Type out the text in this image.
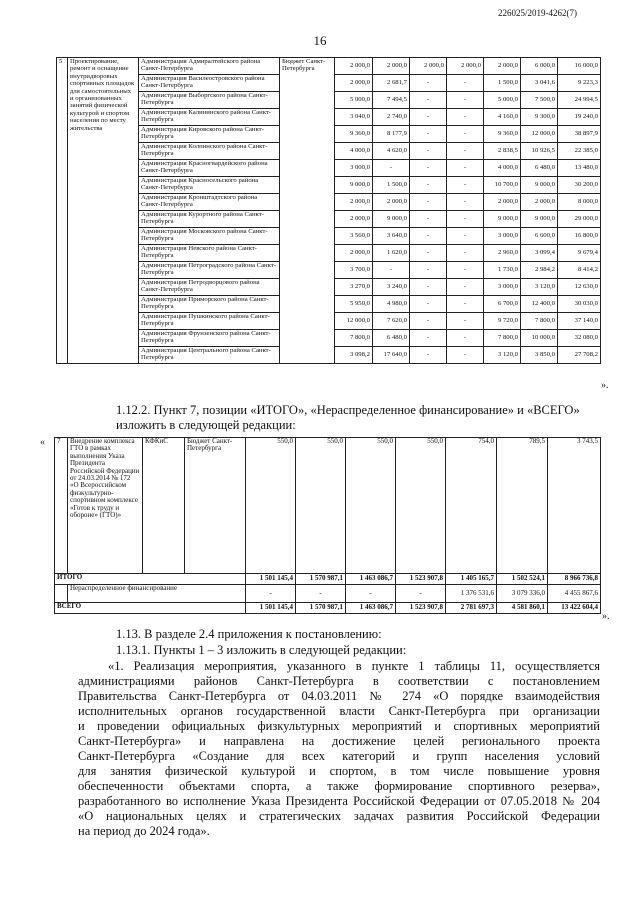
226025/2019-4262(7)
16
5	Проектирование, ремонт и оснащение внутридворовых спортивных площадок для самостоятельных и организованных занятий физической культурой и спортом населения по месту жительства	Администрация Адмиралтейского района Санкт-Петербурга	Бюджет Санкт-Петербурга	2 000,0	2 000,0	2 000,0	2 000,0	2 000,0	6 000,0	16 000,0
		Администрация Василеостровского района Санкт-Петербурга		2 000,0	2 681,7	-	-	1 500,0	3 041,6	9 223,3
		Администрация Выборгского района Санкт-Петербурга		5 000,0	7 494,5	-	-	5 000,0	7 500,0	24 994,5
		Администрация Калининского района Санкт-Петербурга		3 040,0	2 740,0	-	-	4 160,0	9 300,0	19 240,0
		Администрация Кировского района Санкт-Петербурга		9 360,0	8 177,9	-	-	9 360,0	12 000,0	38 897,9
		Администрация Колпинского района Санкт-Петербурга		4 000,0	4 620,0	-	-	2 838,5	10 926,5	22 385,0
		Администрация Красногвардейского района Санкт-Петербурга		3 000,0	-	-	-	4 000,0	6 480,0	13 480,0
		Администрация Красносельского района Санкт-Петербурга		9 000,0	1 500,0	-	-	10 700,0	9 000,0	30 200,0
		Администрация Кронштадтского района Санкт-Петербурга		2 000,0	2 000,0	-	-	2 000,0	2 000,0	8 000,0
		Администрация Курортного района Санкт-Петербурга		2 000,0	9 000,0	-	-	9 000,0	9 000,0	29 000,0
		Администрация Московского района Санкт-Петербурга		3 560,0	3 640,0	-	-	3 000,0	6 600,0	16 800,0
		Администрация Невского района Санкт-Петербурга		2 000,0	1 620,0	-	-	2 960,0	3 099,4	9 679,4
		Администрация Петроградского района Санкт-Петербурга		3 700,0	-	-	-	1 730,0	2 984,2	8 414,2
		Администрация Петродворцового района Санкт-Петербурга		3 270,0	3 240,0	-	-	3 000,0	3 120,0	12 630,0
		Администрация Приморского района Санкт-Петербурга		5 950,0	4 980,0	-	-	6 700,0	12 400,0	30 030,0
		Администрация Пушкинского района Санкт-Петербурга		12 000,0	7 620,0	-	-	9 720,0	7 800,0	37 140,0
		Администрация Фрунзенского района Санкт-Петербурга		7 800,0	6 480,0	-	-	7 800,0	10 000,0	32 080,0
		Администрация Центрального района Санкт-Петербурга		3 098,2	17 640,0	-	-	3 120,0	3 850,0	27 708,2
».
1.12.2. Пункт 7, позиции «ИТОГО», «Нераспределенное финансирование» и «ВСЕГО» изложить в следующей редакции:
« 7	Внедрение комплекса ГТО в рамках выполнения Указа Президента Российской Федерации от 24.03.2014 № 172 «О Всероссийском физкультурно-спортивном комплексе «Готов к труду и обороне» (ГТО)»	КФКиС	Бюджет Санкт-Петербурга	550,0	550,0	550,0	550,0	754,0	789,5	3 743,5
ИТОГО				1 501 145,4	1 570 987,1	1 463 086,7	1 523 907,8	1 405 165,7	1 502 524,1	8 966 736,8
	Нераспределенное финансирование			-	-	-	-	1 376 531,6	3 079 336,0	4 455 867,6
ВСЕГО				1 501 145,4	1 570 987,1	1 463 086,7	1 523 907,8	2 781 697,3	4 581 860,1	13 422 604,4
».
1.13. В разделе 2.4 приложения к постановлению:
1.13.1. Пункты 1 – 3 изложить в следующей редакции:
«1. Реализация мероприятия, указанного в пункте 1 таблицы 11, осуществляется
администрациями районов Санкт-Петербурга в соответствии с постановлением
Правительства Санкт-Петербурга от 04.03.2011 № 274 «О порядке взаимодействия
исполнительных органов государственной власти Санкт-Петербурга при организации
и проведении официальных физкультурных мероприятий и спортивных мероприятий
Санкт-Петербурга» и направлена на достижение целей регионального проекта
Санкт-Петербурга «Создание для всех категорий и групп населения условий
для занятия физической культурой и спортом, в том числе повышение уровня
обеспеченности объектами спорта, а также формирование спортивного резерва»,
разработанного во исполнение Указа Президента Российской Федерации от 07.05.2018 № 204
«О национальных целях и стратегических задачах развития Российской Федерации
на период до 2024 года».
